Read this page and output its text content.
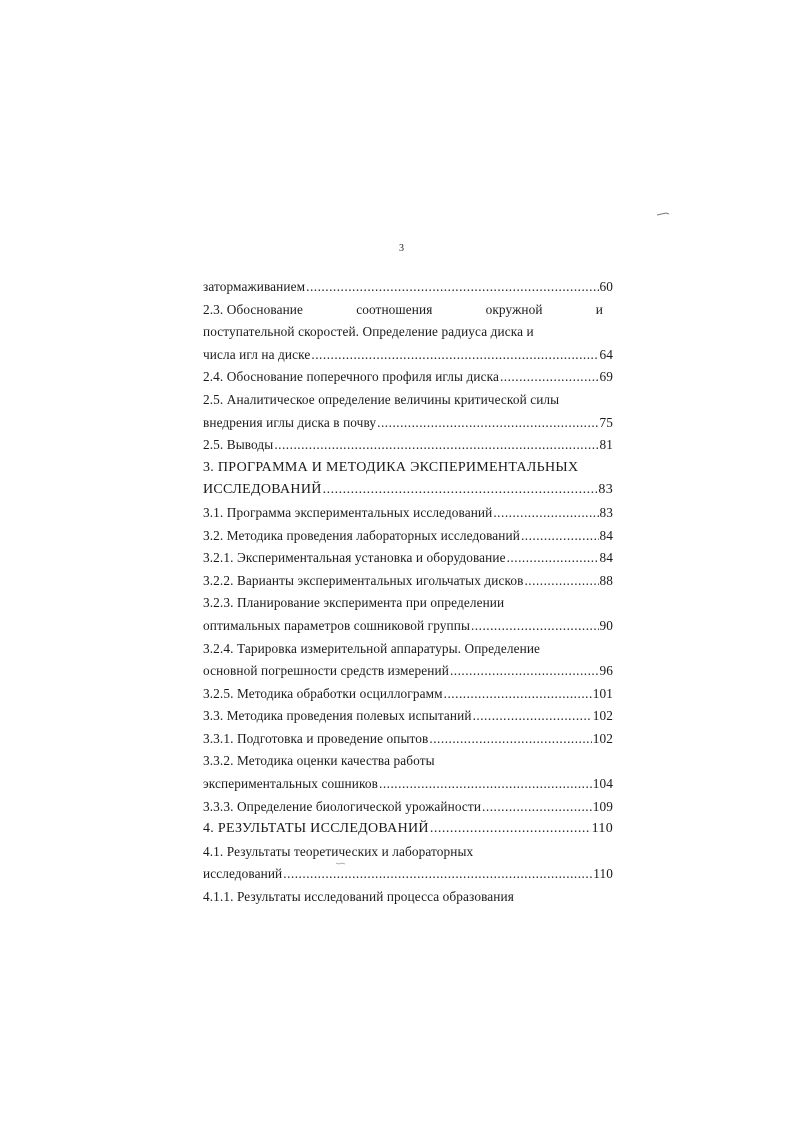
3
затормаживанием .....	60
2.3. Обоснование	соотношения	окружной	и
поступательной скоростей. Определение радиуса диска и
числа игл на диске .....	64
2.4. Обоснование поперечного профиля иглы диска .....	69
2.5. Аналитическое определение величины критической силы
внедрения иглы диска в почву .....	75
2.5. Выводы .....	81
3. ПРОГРАММА И МЕТОДИКА ЭКСПЕРИМЕНТАЛЬНЫХ
ИССЛЕДОВАНИЙ .....	83
3.1. Программа экспериментальных исследований .....	83
3.2. Методика проведения лабораторных исследований .....	84
3.2.1. Экспериментальная установка и оборудование .....	84
3.2.2. Варианты экспериментальных игольчатых дисков .....	88
3.2.3. Планирование эксперимента при определении
оптимальных параметров сошниковой группы .....	90
3.2.4. Тарировка измерительной аппаратуры. Определение
основной погрешности средств измерений .....	96
3.2.5. Методика обработки осциллограмм .....	101
3.3. Методика проведения полевых испытаний .....	102
3.3.1. Подготовка и проведение опытов .....	102
3.3.2. Методика оценки качества работы
экспериментальных сошников .....	104
3.3.3. Определение биологической урожайности .....	109
4. РЕЗУЛЬТАТЫ ИССЛЕДОВАНИЙ .....	110
4.1. Результаты теоретических и лабораторных
исследований .....	110
4.1.1. Результаты исследований процесса образования
